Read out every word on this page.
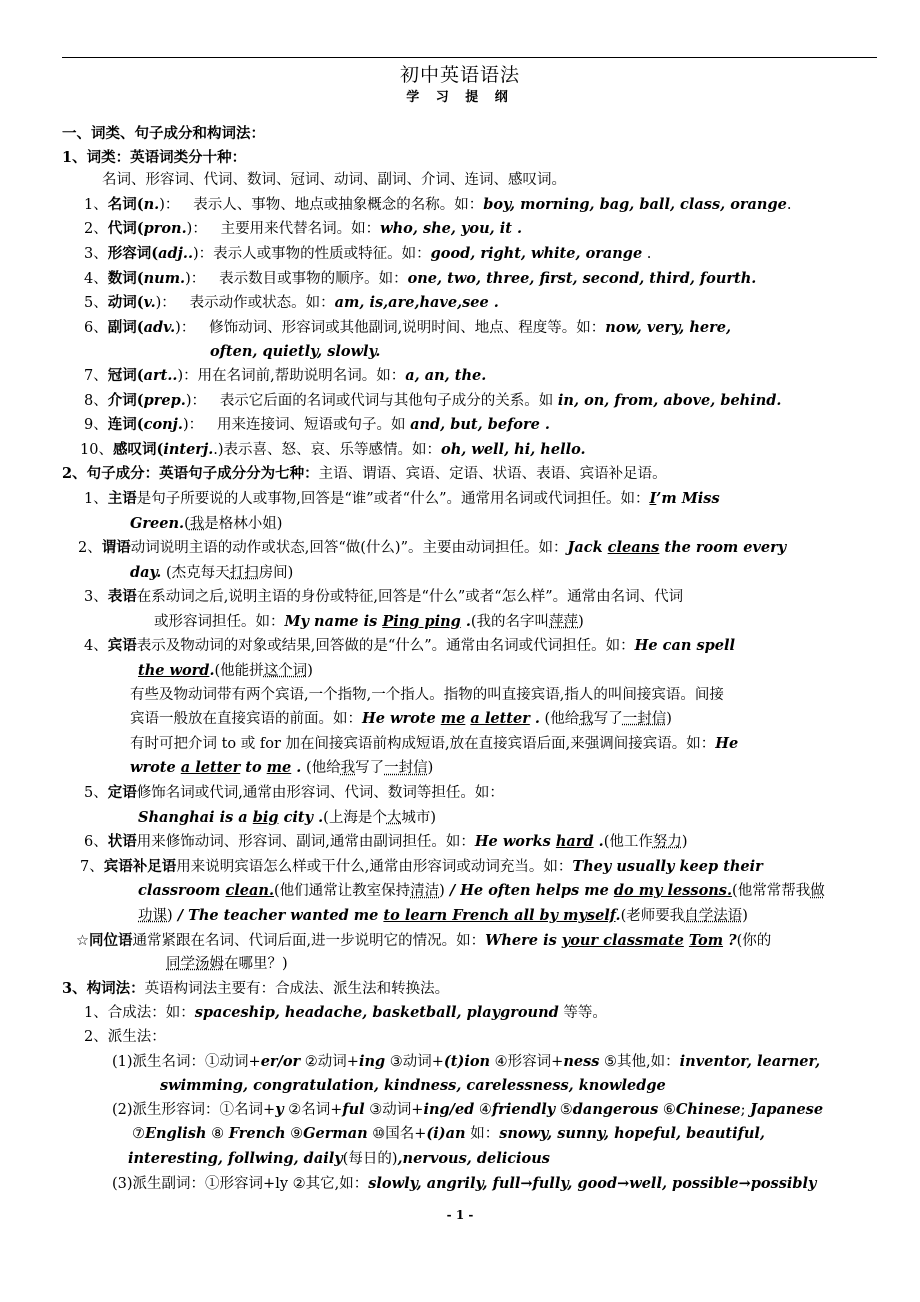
初中英语语法
学 习 提 纲
一、词类、句子成分和构词法：
1、词类：英语词类分十种：
名词、形容词、代词、数词、冠词、动词、副词、介词、连词、感叹词。
1、名词(n.)： 表示人、事物、地点或抽象概念的名称。如：boy, morning, bag, ball, class, orange.
2、代词(pron.)： 主要用来代替名词。如：who, she, you, it .
3、形容词(adj..)：表示人或事物的性质或特征。如：good, right, white, orange .
4、数词(num.)： 表示数目或事物的顺序。如：one, two, three, first, second, third, fourth.
5、动词(v.)： 表示动作或状态。如：am, is,are,have,see .
6、副词(adv.)： 修饰动词、形容词或其他副词,说明时间、地点、程度等。如：now, very, here,
often, quietly, slowly.
7、冠词(art..)：用在名词前,帮助说明名词。如：a, an, the.
8、介词(prep.)： 表示它后面的名词或代词与其他句子成分的关系。如 in, on, from, above, behind.
9、连词(conj.)： 用来连接词、短语或句子。如 and, but, before .
10、感叹词(interj..)表示喜、怒、哀、乐等感情。如：oh, well, hi, hello.
2、句子成分：英语句子成分分为七种：主语、谓语、宾语、定语、状语、表语、宾语补足语。
1、主语是句子所要说的人或事物,回答是“谁”或者“什么”。通常用名词或代词担任。如：I’m Miss
Green.(我是格林小姐)
2、谓语动词说明主语的动作或状态,回答“做(什么)”。主要由动词担任。如：Jack cleans the room every
day. (杰克每天打扫房间)
3、表语在系动词之后,说明主语的身份或特征,回答是“什么”或者“怎么样”。通常由名词、代词
或形容词担任。如：My name is Ping ping .(我的名字叫萍萍)
4、宾语表示及物动词的对象或结果,回答做的是“什么”。通常由名词或代词担任。如：He can spell
the word.(他能拼这个词)
有些及物动词带有两个宾语,一个指物,一个指人。指物的叫直接宾语,指人的叫间接宾语。间接
宾语一般放在直接宾语的前面。如：He wrote me a letter . (他给我写了一封信)
有时可把介词 to 或 for 加在间接宾语前构成短语,放在直接宾语后面,来强调间接宾语。如：He
wrote a letter to me . (他给我写了一封信)
5、定语修饰名词或代词,通常由形容词、代词、数词等担任。如：
Shanghai is a big city .(上海是个大城市)
6、状语用来修饰动词、形容词、副词,通常由副词担任。如：He works hard .(他工作努力)
7、宾语补足语用来说明宾语怎么样或干什么,通常由形容词或动词充当。如：They usually keep their
classroom clean.(他们通常让教室保持清洁) / He often helps me do my lessons.(他常常帮我做
功课) / The teacher wanted me to learn French all by myself.(老师要我自学法语)
☆同位语通常紧跟在名词、代词后面,进一步说明它的情况。如：Where is your classmate Tom ?(你的
同学汤姆在哪里？)
3、构词法：英语构词法主要有：合成法、派生法和转换法。
1、合成法：如：spaceship, headache, basketball, playground 等等。
2、派生法：
(1)派生名词：①动词+er/or ②动词+ing ③动词+(t)ion ④形容词+ness ⑤其他,如：inventor, learner,
swimming, congratulation, kindness, carelessness, knowledge
(2)派生形容词：①名词+y ②名词+ful ③动词+ing/ed ④friendly ⑤dangerous ⑥Chinese; Japanese
⑦English ⑧ French ⑨German ⑩国名+(i)an 如：snowy, sunny, hopeful, beautiful,
interesting, follwing, daily(每日的),nervous, delicious
(3)派生副词：①形容词+ly ②其它,如：slowly, angrily, full→fully, good→well, possible→possibly
- 1 -
